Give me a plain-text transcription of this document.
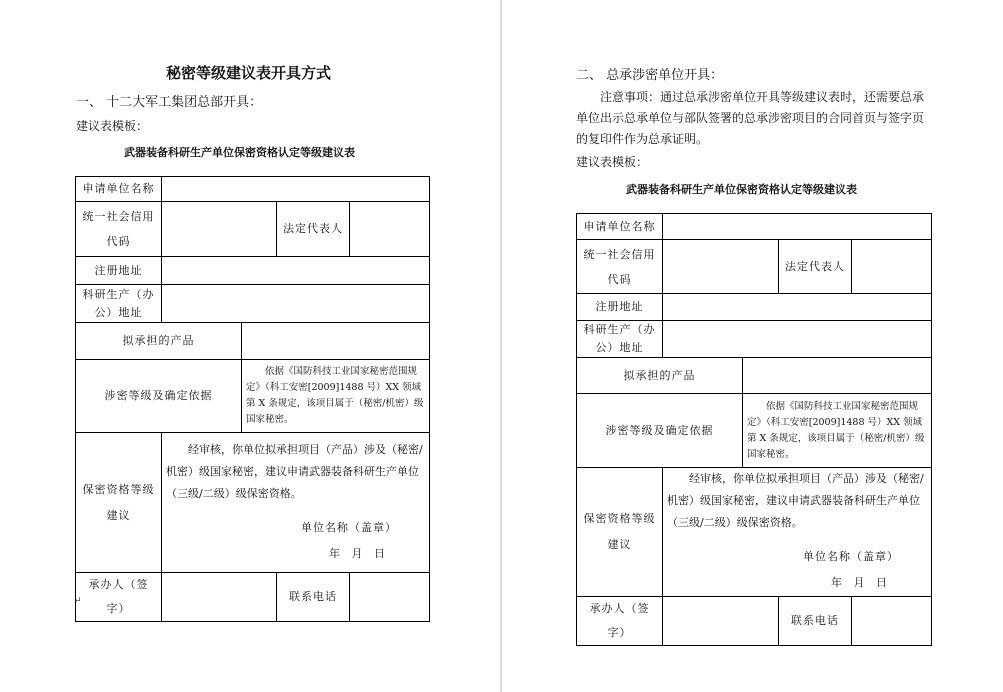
秘密等级建议表开具方式
一、 十二大军工集团总部开具：
建议表模板：
武器装备科研生产单位保密资格认定等级建议表
申请单位名称				
统一社会信用代码			法定代表人	
注册地址				
科研生产（办公）地址				
拟承担的产品				
涉密等级及确定依据		依据《国防科技工业国家秘密范围规定》（科工安密[2009]1488 号）XX 领域第 X 条规定，该项目属于（秘密/机密）级国家秘密。		

保密资格等级建议	经审核，你单位拟承担项目（产品）涉及（秘密/机密）级国家秘密，建议申请武器装备科研生产单位（三级/二级）级保密资格。
单位名称（盖章）
年 月 日			

承办人（签字）			联系电话	
↵
二、 总承涉密单位开具：
注意事项：通过总承涉密单位开具等级建议表时，还需要总承单位出示总承单位与部队签署的总承涉密项目的合同首页与签字页的复印件作为总承证明。
建议表模板：
武器装备科研生产单位保密资格认定等级建议表
申请单位名称				
统一社会信用代码			法定代表人	
注册地址				
科研生产（办公）地址				
拟承担的产品				
涉密等级及确定依据		依据《国防科技工业国家秘密范围规定》（科工安密[2009]1488 号）XX 领域第 X 条规定，该项目属于（秘密/机密）级国家秘密。		

保密资格等级建议	经审核，你单位拟承担项目（产品）涉及（秘密/机密）级国家秘密，建议申请武器装备科研生产单位（三级/二级）级保密资格。
单位名称（盖章）
年 月 日			

承办人（签字）			联系电话	
